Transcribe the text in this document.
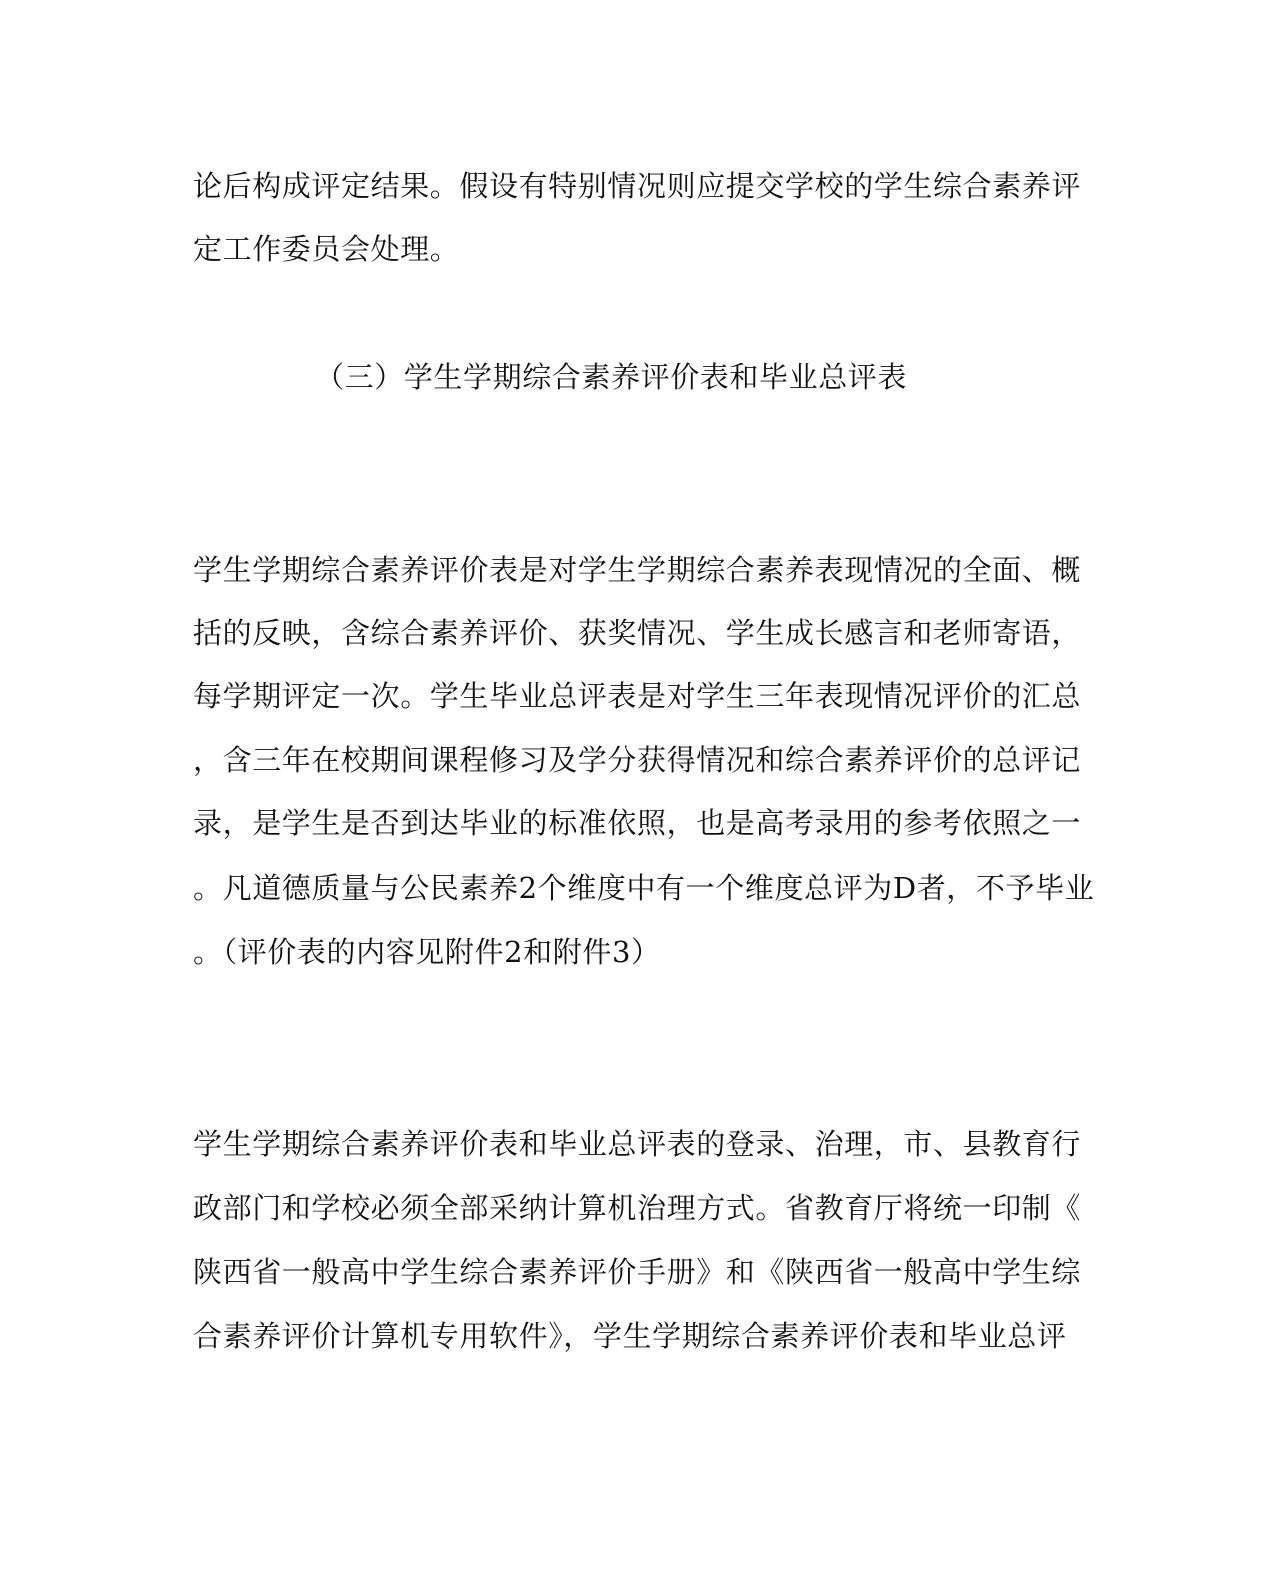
论后构成评定结果。假设有特别情况则应提交学校的学生综合素养评
定工作委员会处理。
（三）学生学期综合素养评价表和毕业总评表
学生学期综合素养评价表是对学生学期综合素养表现情况的全面、概
括的反映，含综合素养评价、获奖情况、学生成长感言和老师寄语，
每学期评定一次。学生毕业总评表是对学生三年表现情况评价的汇总
，含三年在校期间课程修习及学分获得情况和综合素养评价的总评记
录，是学生是否到达毕业的标准依照，也是高考录用的参考依照之一
。凡道德质量与公民素养2个维度中有一个维度总评为D者，不予毕业
。（评价表的内容见附件2和附件3）
学生学期综合素养评价表和毕业总评表的登录、治理，市、县教育行
政部门和学校必须全部采纳计算机治理方式。省教育厅将统一印制《
陕西省一般高中学生综合素养评价手册》和《陕西省一般高中学生综
合素养评价计算机专用软件》，学生学期综合素养评价表和毕业总评
